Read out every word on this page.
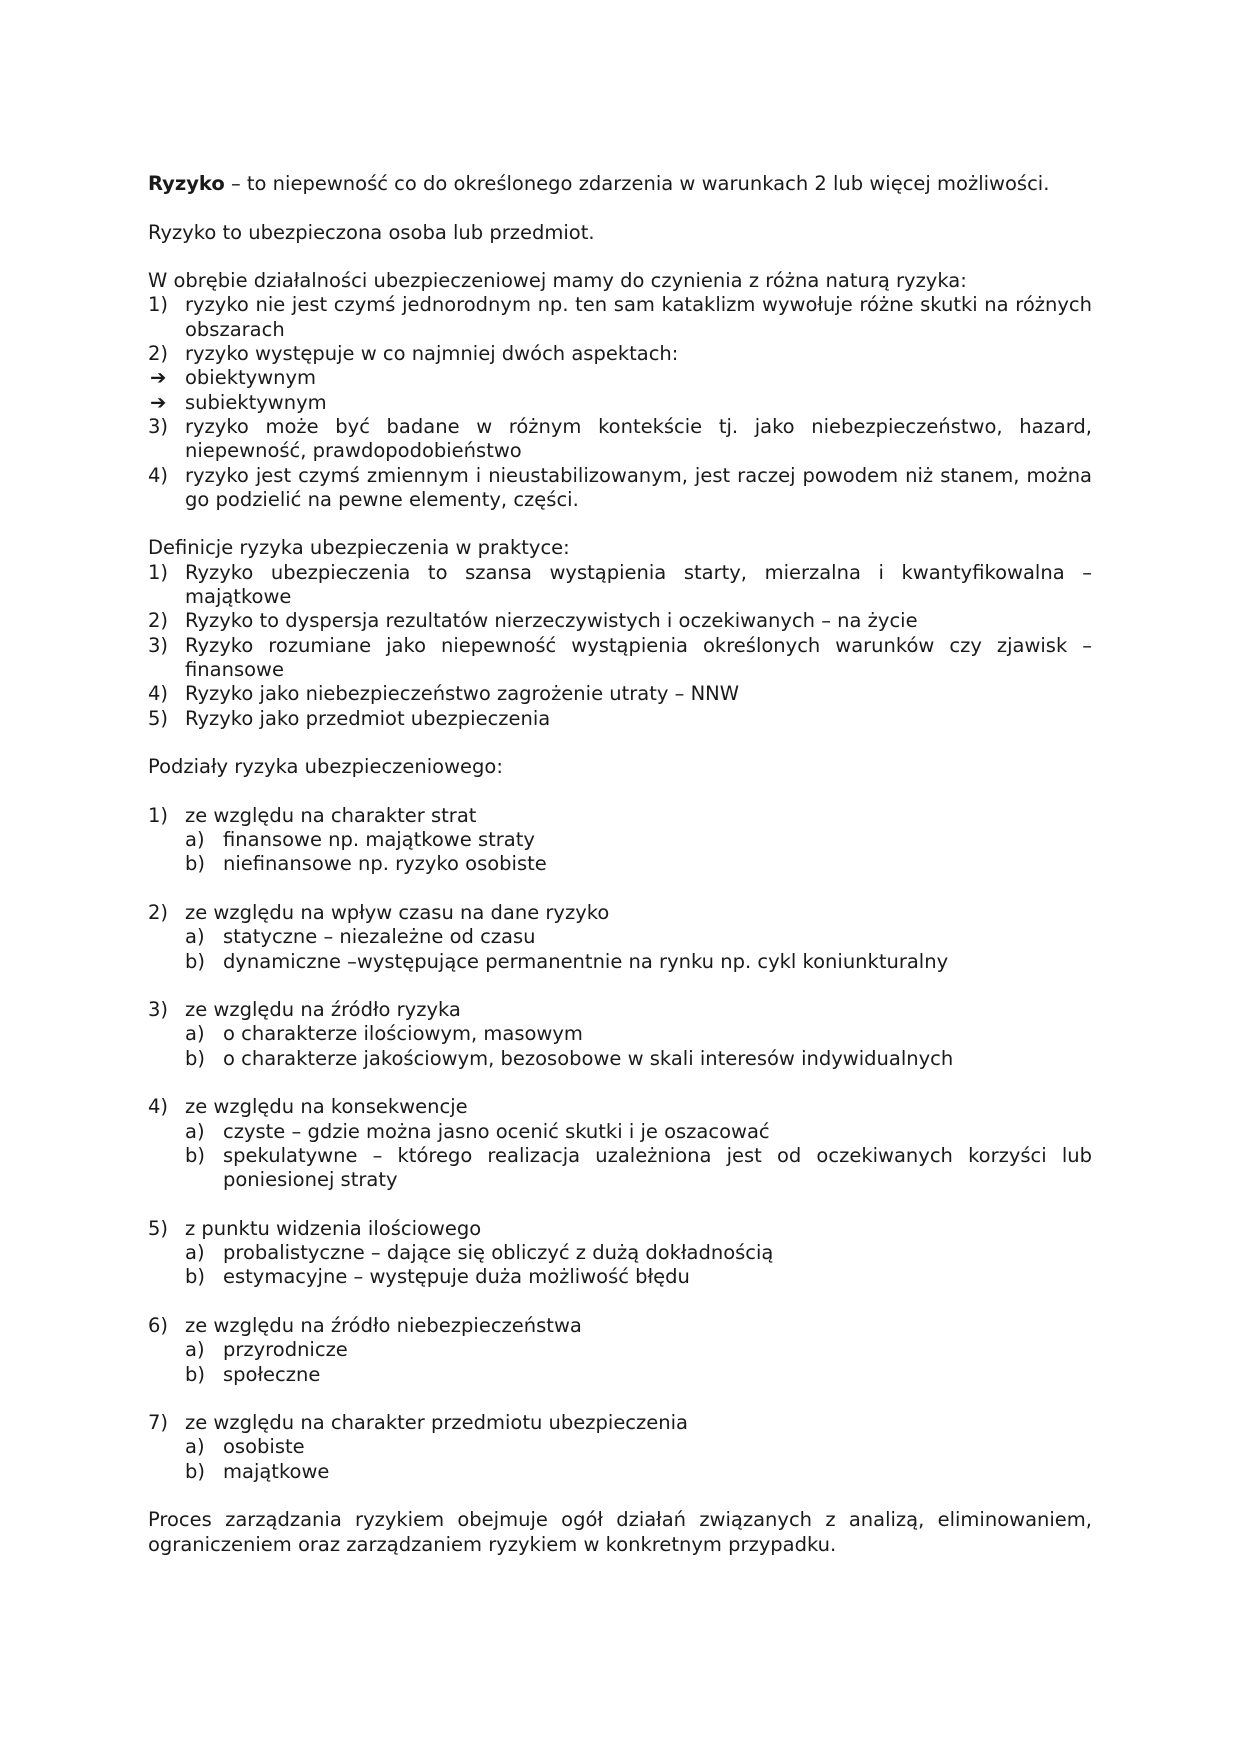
Ryzyko – to niepewność co do określonego zdarzenia w warunkach 2 lub więcej możliwości.

Ryzyko to ubezpieczona osoba lub przedmiot.

W obrębie działalności ubezpieczeniowej mamy do czynienia z różna naturą ryzyka:

1) ryzyko nie jest czymś jednorodnym np. ten sam kataklizm wywołuje różne skutki na różnych obszarach
2) ryzyko występuje w co najmniej dwóch aspektach:
➔ obiektywnym
➔ subiektywnym
3) ryzyko może być badane w różnym kontekście tj. jako niebezpieczeństwo, hazard, niepewność, prawdopodobieństwo
4) ryzyko jest czymś zmiennym i nieustabilizowanym, jest raczej powodem niż stanem, można go podzielić na pewne elementy, części.

Definicje ryzyka ubezpieczenia w praktyce:

1) Ryzyko ubezpieczenia to szansa wystąpienia starty, mierzalna i kwantyfikowalna – majątkowe
2) Ryzyko to dyspersja rezultatów nierzeczywistych i oczekiwanych – na życie
3) Ryzyko rozumiane jako niepewność wystąpienia określonych warunków czy zjawisk – finansowe
4) Ryzyko jako niebezpieczeństwo zagrożenie utraty – NNW
5) Ryzyko jako przedmiot ubezpieczenia

Podziały ryzyka ubezpieczeniowego:

1) ze względu na charakter strat
a) finansowe np. majątkowe straty
b) niefinansowe np. ryzyko osobiste
2) ze względu na wpływ czasu na dane ryzyko
a) statyczne – niezależne od czasu
b) dynamiczne –występujące permanentnie na rynku np. cykl koniunkturalny
3) ze względu na źródło ryzyka
a) o charakterze ilościowym, masowym
b) o charakterze jakościowym, bezosobowe w skali interesów indywidualnych
4) ze względu na konsekwencje
a) czyste – gdzie można jasno ocenić skutki i je oszacować
b) spekulatywne – którego realizacja uzależniona jest od oczekiwanych korzyści lub poniesionej straty
5) z punktu widzenia ilościowego
a) probalistyczne – dające się obliczyć z dużą dokładnością
b) estymacyjne – występuje duża możliwość błędu
6) ze względu na źródło niebezpieczeństwa
a) przyrodnicze
b) społeczne
7) ze względu na charakter przedmiotu ubezpieczenia
a) osobiste
b) majątkowe

Proces zarządzania ryzykiem obejmuje ogół działań związanych z analizą, eliminowaniem, ograniczeniem oraz zarządzaniem ryzykiem w konkretnym przypadku.
